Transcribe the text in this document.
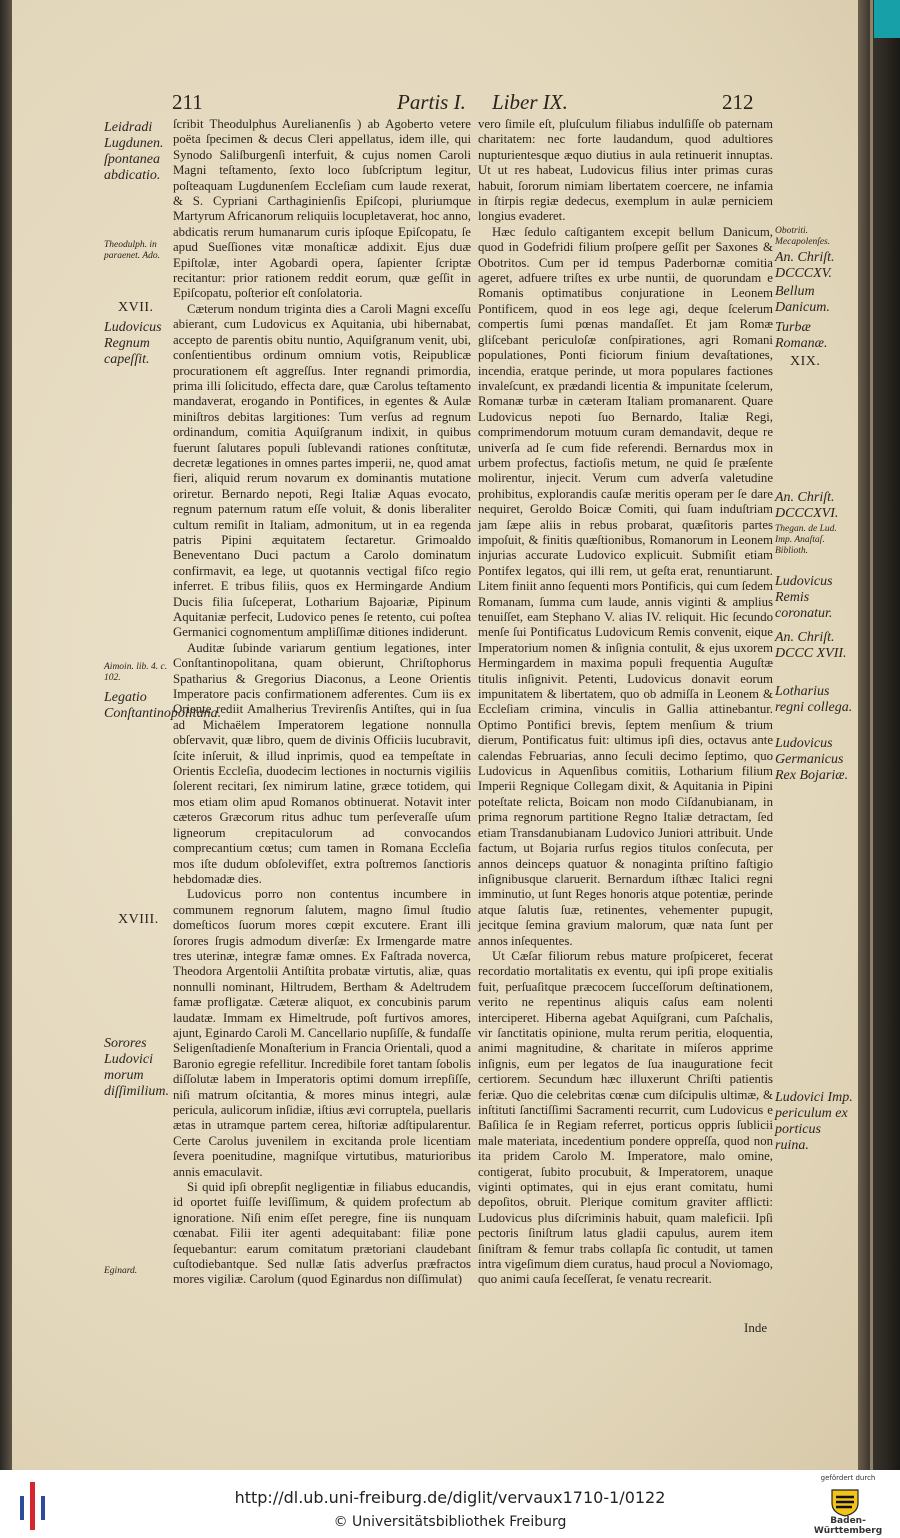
211	Partis I. Liber IX.	212

ſcribit Theodulphus Aurelianenſis ) ab Agoberto vetere poëta ſpecimen & decus Cleri appellatus, idem ille, qui Synodo Saliſburgenſi interfuit, & cujus nomen Caroli Magni teſtamento, ſexto loco ſubſcriptum legitur, poſteaquam Lugdunenſem Eccleſiam cum laude rexerat, & S. Cypriani Carthaginienſis Epiſcopi, pluriumque Martyrum Africanorum reliquiis locupletaverat, hoc anno, abdicatis rerum humanarum curis ipſoque Epiſcopatu, ſe apud Sueſſiones vitæ monaſticæ addixit. Ejus duæ Epiſtolæ, inter Agobardi opera, ſapienter ſcriptæ recitantur: prior rationem reddit eorum, quæ geſſit in Epiſcopatu, poſterior eſt conſolatoria.

Cæterum nondum triginta dies a Caroli Magni exceſſu abierant, cum Ludovicus ex Aquitania, ubi hibernabat, accepto de parentis obitu nuntio, Aquiſgranum venit, ubi, conſentientibus ordinum omnium votis, Reipublicæ procurationem eſt aggreſſus. Inter regnandi primordia, prima illi ſolicitudo, effecta dare, quæ Carolus teſtamento mandaverat, erogando in Pontifices, in egentes & Aulæ miniſtros debitas largitiones: Tum verſus ad regnum ordinandum, comitia Aquiſgranum indixit, in quibus fuerunt ſalutares populi ſublevandi rationes conſtitutæ, decretæ legationes in omnes partes imperii, ne, quod amat fieri, aliquid rerum novarum ex dominantis mutatione oriretur. Bernardo nepoti, Regi Italiæ Aquas evocato, regnum paternum ratum eſſe voluit, & donis liberaliter cultum remiſit in Italiam, admonitum, ut in ea regenda patris Pipini æquitatem ſectaretur. Grimoaldo Beneventano Duci pactum a Carolo dominatum confirmavit, ea lege, ut quotannis vectigal fiſco regio inferret. E tribus filiis, quos ex Hermingarde Andium Ducis filia ſuſceperat, Lotharium Bajoariæ, Pipinum Aquitaniæ perfecit, Ludovico penes ſe retento, cui poſtea Germanici cognomentum ampliſſimæ ditiones indiderunt.

Auditæ ſubinde variarum gentium legationes, inter Conſtantinopolitana, quam obierunt, Chriſtophorus Spatharius & Gregorius Diaconus, a Leone Orientis Imperatore pacis confirmationem adferentes. Cum iis ex Oriente rediit Amalherius Trevirenſis Antiſtes, qui in ſua ad Michaëlem Imperatorem legatione nonnulla obſervavit, quæ libro, quem de divinis Officiis lucubravit, ſcite inſeruit, & illud inprimis, quod ea tempeſtate in Orientis Eccleſia, duodecim lectiones in nocturnis vigiliis ſolerent recitari, ſex nimirum latine, græce totidem, qui mos etiam olim apud Romanos obtinuerat. Notavit inter cæteros Græcorum ritus adhuc tum perſeveraſſe uſum ligneorum crepitaculorum ad convocandos comprecantium cœtus; cum tamen in Romana Eccleſia mos iſte dudum obſolevifſet, extra poſtremos ſanctioris hebdomadæ dies.

Ludovicus porro non contentus incumbere in communem regnorum ſalutem, magno ſimul ſtudio domeſticos ſuorum mores cœpit excutere. Erant illi ſorores ſrugis admodum diverſæ: Ex Irmengarde matre tres uterinæ, integræ famæ omnes. Ex Faſtrada noverca, Theodora Argentolii Antiſtita probatæ virtutis, aliæ, quas nonnulli nominant, Hiltrudem, Bertham & Adeltrudem famæ profligatæ. Cæteræ aliquot, ex concubinis parum laudatæ. Immam ex Himeltrude, poſt furtivos amores, ajunt, Eginardo Caroli M. Cancellario nupſiſſe, & fundaſſe Seligenſtadienſe Monaſterium in Francia Orientali, quod a Baronio egregie refellitur. Incredibile foret tantam ſobolis diſſolutæ labem in Imperatoris optimi domum irrepſiſſe, niſi matrum oſcitantia, & mores minus integri, aulæ pericula, aulicorum inſidiæ, iſtius ævi corruptela, puellaris ætas in utramque partem cerea, hiſtoriæ adſtipularentur. Certe Carolus juvenilem in excitanda prole licentiam ſevera poenitudine, magniſque virtutibus, maturioribus annis emaculavit.

Si quid ipſi obrepſit negligentiæ in filiabus educandis, id oportet fuiſſe leviſſimum, & quidem profectum ab ignoratione. Niſi enim eſſet peregre, fine iis nunquam cœnabat. Filii iter agenti adequitabant: filiæ pone ſequebantur: earum comitatum prætoriani claudebant cuſtodiebantque. Sed nullæ ſatis adverſus præfractos mores vigiliæ. Carolum (quod Eginardus non diſſimulat)

vero ſimile eſt, pluſculum filiabus indulſiſſe ob paternam charitatem: nec forte laudandum, quod adultiores nupturientesque æquo diutius in aula retinuerit innuptas. Ut ut res habeat, Ludovicus filius inter primas curas habuit, ſororum nimiam libertatem coercere, ne infamia in ſtirpis regiæ dedecus, exemplum in aulæ perniciem longius evaderet.

Hæc ſedulo caſtigantem excepit bellum Danicum, quod in Godefridi filium proſpere geſſit per Saxones & Obotritos. Cum per id tempus Paderbornæ comitia ageret, adfuere triſtes ex urbe nuntii, de quorundam e Romanis optimatibus conjuratione in Leonem Pontificem, quod in eos lege agi, deque ſcelerum compertis ſumi pœnas mandaſſet. Et jam Romæ gliſcebant periculoſæ conſpirationes, agri Romani populationes, Ponti ficiorum finium devaſtationes, incendia, eratque perinde, ut mora populares factiones invaleſcunt, ex prædandi licentia & impunitate ſcelerum, Romanæ turbæ in cæteram Italiam promanarent. Quare Ludovicus nepoti ſuo Bernardo, Italiæ Regi, comprimendorum motuum curam demandavit, deque re univerſa ad ſe cum fide referendi. Bernardus mox in urbem profectus, factioſis metum, ne quid ſe præſente molirentur, injecit. Verum cum adverſa valetudine prohibitus, explorandis cauſæ meritis operam per ſe dare nequiret, Geroldo Boicæ Comiti, qui ſuam induſtriam jam ſæpe aliis in rebus probarat, quæſitoris partes impoſuit, & finitis quæſtionibus, Romanorum in Leonem injurias accurate Ludovico explicuit. Submiſit etiam Pontifex legatos, qui illi rem, ut geſta erat, renuntiarunt. Litem finiit anno ſequenti mors Pontificis, qui cum ſedem Romanam, ſumma cum laude, annis viginti & amplius tenuiſſet, eam Stephano V. alias IV. reliquit. Hic ſecundo menſe ſui Pontificatus Ludovicum Remis convenit, eique Imperatorium nomen & inſignia contulit, & ejus uxorem Hermingardem in maxima populi frequentia Auguſtæ titulis inſignivit. Petenti, Ludovicus donavit eorum impunitatem & libertatem, quo ob admiſſa in Leonem & Eccleſiam crimina, vinculis in Gallia attinebantur. Optimo Pontifici brevis, ſeptem menſium & trium dierum, Pontificatus fuit: ultimus ipſi dies, octavus ante calendas Februarias, anno ſeculi decimo ſeptimo, quo Ludovicus in Aquenſibus comitiis, Lotharium filium Imperii Regnique Collegam dixit, & Aquitania in Pipini poteſtate relicta, Boicam non modo Ciſdanubianam, in prima regnorum partitione Regno Italiæ detractam, ſed etiam Transdanubianam Ludovico Juniori attribuit. Unde factum, ut Bojaria rurſus regios titulos conſecuta, per annos deinceps quatuor & nonaginta priſtino faſtigio inſignibusque claruerit. Bernardum iſthæc Italici regni imminutio, ut ſunt Reges honoris atque potentiæ, perinde atque ſalutis ſuæ, retinentes, vehementer pupugit, jecitque ſemina gravium malorum, quæ nata ſunt per annos inſequentes.

Ut Cæſar filiorum rebus mature proſpiceret, fecerat recordatio mortalitatis ex eventu, qui ipſi prope exitialis fuit, perſuaſitque præcocem ſucceſſorum deſtinationem, verito ne repentinus aliquis caſus eam nolenti interciperet. Hiberna agebat Aquiſgrani, cum Paſchalis, vir ſanctitatis opinione, multa rerum peritia, eloquentia, animi magnitudine, & charitate in miſeros apprime inſignis, eum per legatos de ſua inauguratione fecit certiorem. Secundum hæc illuxerunt Chriſti patientis feriæ. Quo die celebritas cœnæ cum diſcipulis ultimæ, & inſtituti ſanctiſſimi Sacramenti recurrit, cum Ludovicus e Baſilica ſe in Regiam referret, porticus oppris ſublicii male materiata, incedentium pondere oppreſſa, quod non ita pridem Carolo M. Imperatore, malo omine, contigerat, ſubito procubuit, & Imperatorem, unaque viginti optimates, qui in ejus erant comitatu, humi depoſitos, obruit. Plerique comitum graviter afflicti: Ludovicus plus diſcriminis habuit, quam maleficii. Ipſi pectoris ſiniſtrum latus gladii capulus, aurem item ſiniſtram & femur trabs collapſa ſic contudit, ut tamen intra vigeſimum diem curatus, haud procul a Noviomago, quo animi cauſa ſeceſſerat, ſe venatu recrearit.

Leidradi Lugdunen. ſpontanea abdicatio.
Theodulph. in paraenet. Ado.
XVII.
Ludovicus Regnum capeſſit.
Aimoin. lib. 4. c. 102.
Legatio Conſtantinopolitana.
XVIII.
Sorores Ludovici morum diſſimilium.
Eginard.
Obotriti. Mecapolenſes.
An. Chriſt. DCCCXV.
Bellum Danicum.
Turbæ Romanæ.
XIX.
An. Chriſt. DCCCXVI.
Thegan. de Lud. Imp. Anaſtaſ. Biblioth.
Ludovicus Remis coronatur.
An. Chriſt. DCCC XVII.
Lotharius regni collega.
Ludovicus Germanicus Rex Bojariæ.
Ludovici Imp. periculum ex porticus ruina.
Inde
http://dl.ub.uni-freiburg.de/diglit/vervaux1710-1/0122
© Universitätsbibliothek Freiburg
gefördert durch
Baden-Württemberg
